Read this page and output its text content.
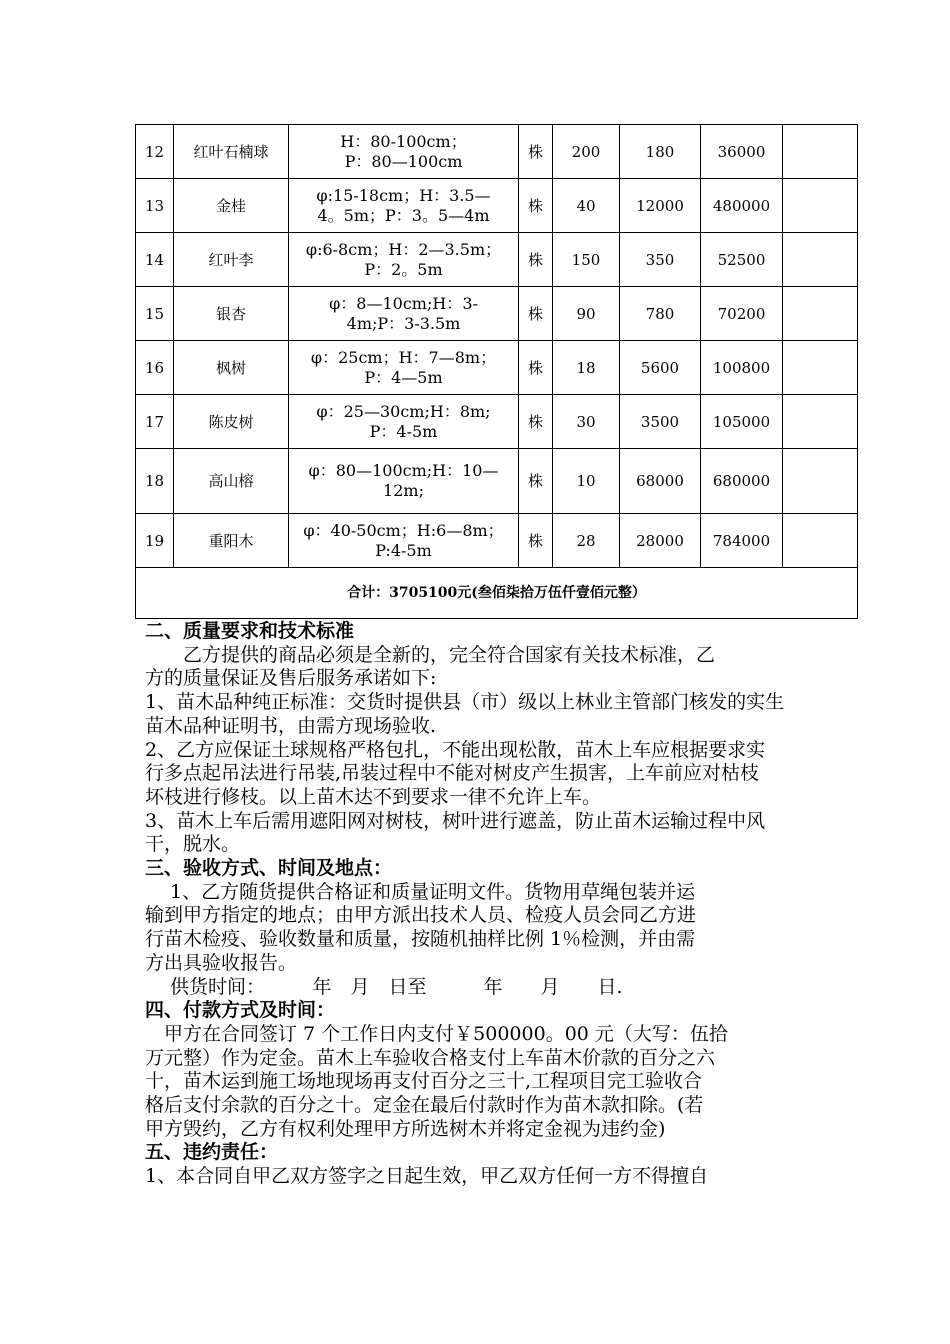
12	红叶石楠球	H：80-100cm；
P：80—100cm	株	200	180	36000	
13	金桂	φ:15-18cm；H：3.5—
4。5m；P：3。5—4m	株	40	12000	480000	
14	红叶李	φ:6-8cm；H：2—3.5m；
P：2。5m	株	150	350	52500	
15	银杏	φ：8—10cm;H：3-
4m;P：3-3.5m	株	90	780	70200	
16	枫树	φ：25cm；H：7—8m；
P：4—5m	株	18	5600	100800	
17	陈皮树	φ：25—30cm;H：8m;
P：4-5m	株	30	3500	105000	
18	高山榕	φ：80—100cm;H：10—
12m;	株	10	68000	680000	
19	重阳木	φ：40-50cm；H:6—8m；
P:4-5m	株	28	28000	784000	
合计：3705100元(叁佰柒拾万伍仟壹佰元整）							

二、质量要求和技术标准

　　乙方提供的商品必须是全新的，完全符合国家有关技术标准，乙

方的质量保证及售后服务承诺如下:

1、苗木品种纯正标准：交货时提供县（市）级以上林业主管部门核发的实生

苗木品种证明书，由需方现场验收.

2、乙方应保证土球规格严格包扎，不能出现松散，苗木上车应根据要求实

行多点起吊法进行吊装,吊装过程中不能对树皮产生损害，上车前应对枯枝

坏枝进行修枝。以上苗木达不到要求一律不允许上车。

3、苗木上车后需用遮阳网对树枝，树叶进行遮盖，防止苗木运输过程中风

干，脱水。

三、验收方式、时间及地点：

　 1、乙方随货提供合格证和质量证明文件。货物用草绳包装并运

输到甲方指定的地点；由甲方派出技术人员、检疫人员会同乙方进

行苗木检疫、验收数量和质量，按随机抽样比例 1％检测，并由需

方出具验收报告。

　 供货时间：　　　年　月　日至　　　年　　月　　日.

四、付款方式及时间：

　甲方在合同签订 7 个工作日内支付￥500000。00 元（大写：伍拾

万元整）作为定金。苗木上车验收合格支付上车苗木价款的百分之六

十，苗木运到施工场地现场再支付百分之三十,工程项目完工验收合

格后支付余款的百分之十。定金在最后付款时作为苗木款扣除。(若

甲方毁约，乙方有权利处理甲方所选树木并将定金视为违约金)

五、违约责任：

1、本合同自甲乙双方签字之日起生效，甲乙双方任何一方不得擅自
